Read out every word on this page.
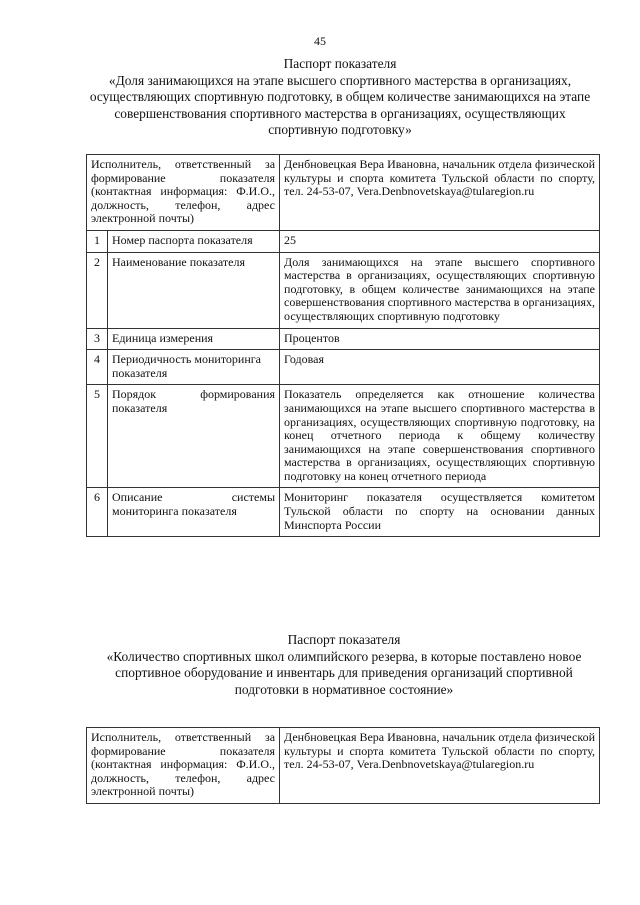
45
Паспорт показателя
«Доля занимающихся на этапе высшего спортивного мастерства в организациях, осуществляющих спортивную подготовку, в общем количестве занимающихся на этапе совершенствования спортивного мастерства в организациях, осуществляющих спортивную подготовку»
Исполнитель, ответственный за формирование показателя (контактная информация: Ф.И.О., должность, телефон, адрес электронной почты)		Денбновецкая Вера Ивановна, начальник отдела физической культуры и спорта комитета Тульской области по спорту, тел. 24-53-07, Vera.Denbnovetskaya@tularegion.ru
1	Номер паспорта показателя	25
2	Наименование показателя	Доля занимающихся на этапе высшего спортивного мастерства в организациях, осуществляющих спортивную подготовку, в общем количестве занимающихся на этапе совершенствования спортивного мастерства в организациях, осуществляющих спортивную подготовку
3	Единица измерения	Процентов
4	Периодичность мониторинга показателя	Годовая
5	Порядок формирования показателя	Показатель определяется как отношение количества занимающихся на этапе высшего спортивного мастерства в организациях, осуществляющих спортивную подготовку, на конец отчетного периода к общему количеству занимающихся на этапе совершенствования спортивного мастерства в организациях, осуществляющих спортивную подготовку на конец отчетного периода
6	Описание системы мониторинга показателя	Мониторинг показателя осуществляется комитетом Тульской области по спорту на основании данных Минспорта России
Паспорт показателя
«Количество спортивных школ олимпийского резерва, в которые поставлено новое спортивное оборудование и инвентарь для приведения организаций спортивной подготовки в нормативное состояние»
Исполнитель, ответственный за формирование показателя (контактная информация: Ф.И.О., должность, телефон, адрес электронной почты)	Денбновецкая Вера Ивановна, начальник отдела физической культуры и спорта комитета Тульской области по спорту, тел. 24-53-07, Vera.Denbnovetskaya@tularegion.ru
